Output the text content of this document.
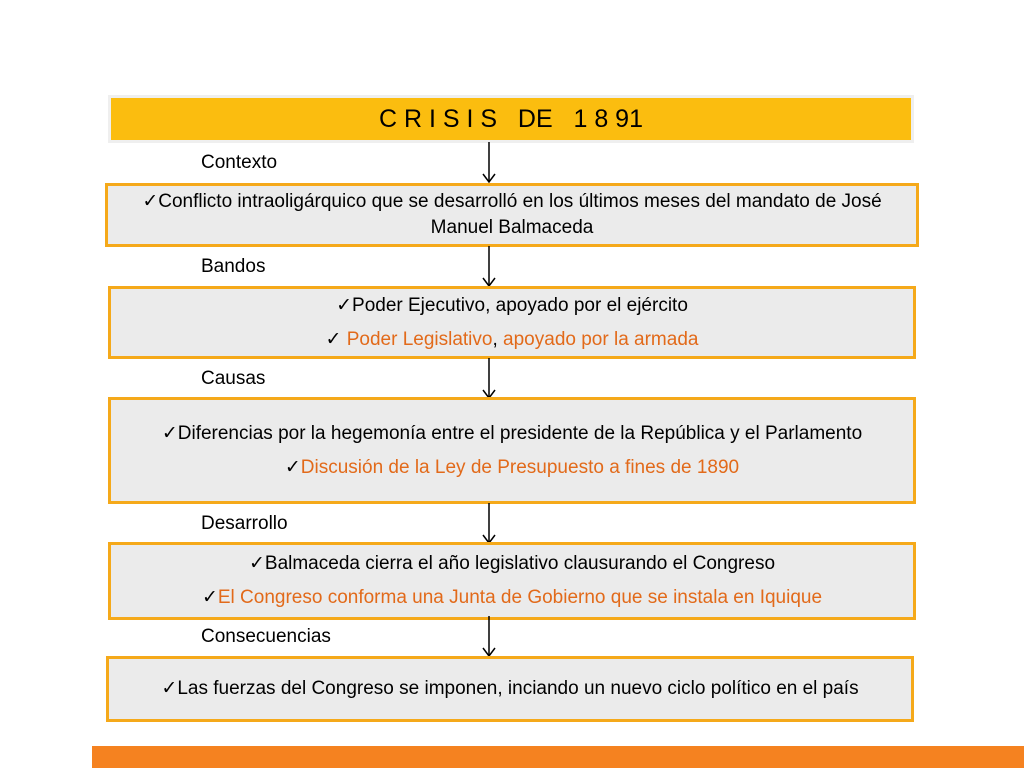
C R I S I S   DE   1 8 91
Contexto
✓Conflicto intraoligárquico que se desarrolló en los últimos meses del mandato de José Manuel Balmaceda
Bandos
✓Poder Ejecutivo, apoyado por el ejército
✓ Poder Legislativo, apoyado por la armada
Causas
✓Diferencias por la hegemonía entre el presidente de la República y el Parlamento
✓Discusión de la Ley de Presupuesto a fines de 1890
Desarrollo
✓Balmaceda cierra el año legislativo clausurando el Congreso
✓El Congreso conforma una Junta de Gobierno que se instala en Iquique
Consecuencias
✓Las fuerzas del Congreso se imponen, inciando un nuevo ciclo político en el país
